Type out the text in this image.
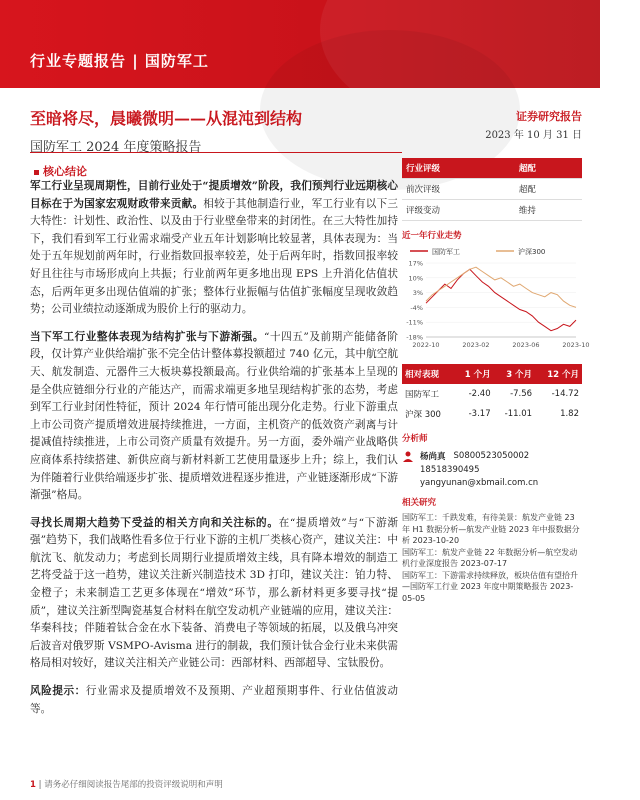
行业专题报告 | 国防军工
至暗将尽，晨曦微明——从混沌到结构
国防军工 2024 年度策略报告
证券研究报告
2023 年 10 月 31 日
核心结论

军工行业呈现周期性，目前行业处于“提质增效”阶段，我们预判行业远期核心目标在于为国家宏观财政带来贡献。相较于其他制造行业，军工行业有以下三大特性：计划性、政治性、以及由于行业壁垒带来的封闭性。在三大特性加持下，我们看到军工行业需求端受产业五年计划影响比较显著，具体表现为：当处于五年规划前两年时，行业指数回报率较差，处于后两年时，指数回报率较好且往往与市场形成向上共振；行业前两年更多地出现 EPS 上升消化估值状态，后两年更多出现估值端的扩张；整体行业振幅与估值扩张幅度呈现收敛趋势；公司业绩拉动逐渐成为股价上行的驱动力。

当下军工行业整体表现为结构扩张与下游渐强。“十四五”及前期产能储备阶段，仅计算产业供给端扩张不完全估计整体募投额超过 740 亿元，其中航空航天、航发制造、元器件三大板块募投额最高。行业供给端的扩张基本上呈现的是全供应链细分行业的产能达产，而需求端更多地呈现结构扩张的态势，考虑到军工行业封闭性特征，预计 2024 年行情可能出现分化走势。行业下游重点上市公司资产提质增效进展持续推进，一方面，主机资产的低效资产剥离与计提减值持续推进，上市公司资产质量有效提升。另一方面，委外端产业战略供应商体系持续搭建、新供应商与新材料新工艺使用量逐步上升；综上，我们认为伴随着行业供给端逐步扩张、提质增效进程逐步推进，产业链逐渐形成“下游渐强”格局。

寻找长周期大趋势下受益的相关方向和关注标的。在“提质增效”与“下游渐强”趋势下，我们战略性看多位于行业下游的主机厂类核心资产，建议关注：中航沈飞、航发动力；考虑到长周期行业提质增效主线，具有降本增效的制造工艺将受益于这一趋势，建议关注新兴制造技术 3D 打印，建议关注：铂力特、金橙子；未来制造工艺更多体现在“增效”环节，那么新材料更多要寻找“提质”，建议关注新型陶瓷基复合材料在航空发动机产业链端的应用，建议关注：华秦科技；伴随着钛合金在水下装备、消费电子等领域的拓展，以及俄乌冲突后波音对俄罗斯 VSMPO-Avisma 进行的制裁，我们预计钛合金行业未来供需格局相对较好，建议关注相关产业链公司：西部材料、西部超导、宝钛股份。

风险提示：行业需求及提质增效不及预期、产业超预期事件、行业估值波动等。

行业评级	超配
前次评级	超配
评级变动	维持
近一年行业走势
国防军工	沪深300
17%
10%
3%
-4%
-11%
-18%
2022-10	2023-02	2023-06	2023-10
相对表现	1 个月	3 个月	12 个月
国防军工	-2.40	-7.56	-14.72
沪深 300	-3.17	-11.01	1.82
分析师
杨尚真 S0800523050002
18518390495
yangyunan@xbmail.com.cn
相关研究
国防军工：千跌发难，有待美景：航发产业链 23 年 H1 数据分析—航发产业链 2023 年中报数据分析 2023-10-20
国防军工：航发产业链 22 年数据分析—航空发动机行业深度报告 2023-07-17
国防军工：下游需求持续释放，板块估值有望拾升—国防军工行业 2023 年度中期策略报告 2023-05-05
1 | 请务必仔细阅读报告尾部的投资评级说明和声明
